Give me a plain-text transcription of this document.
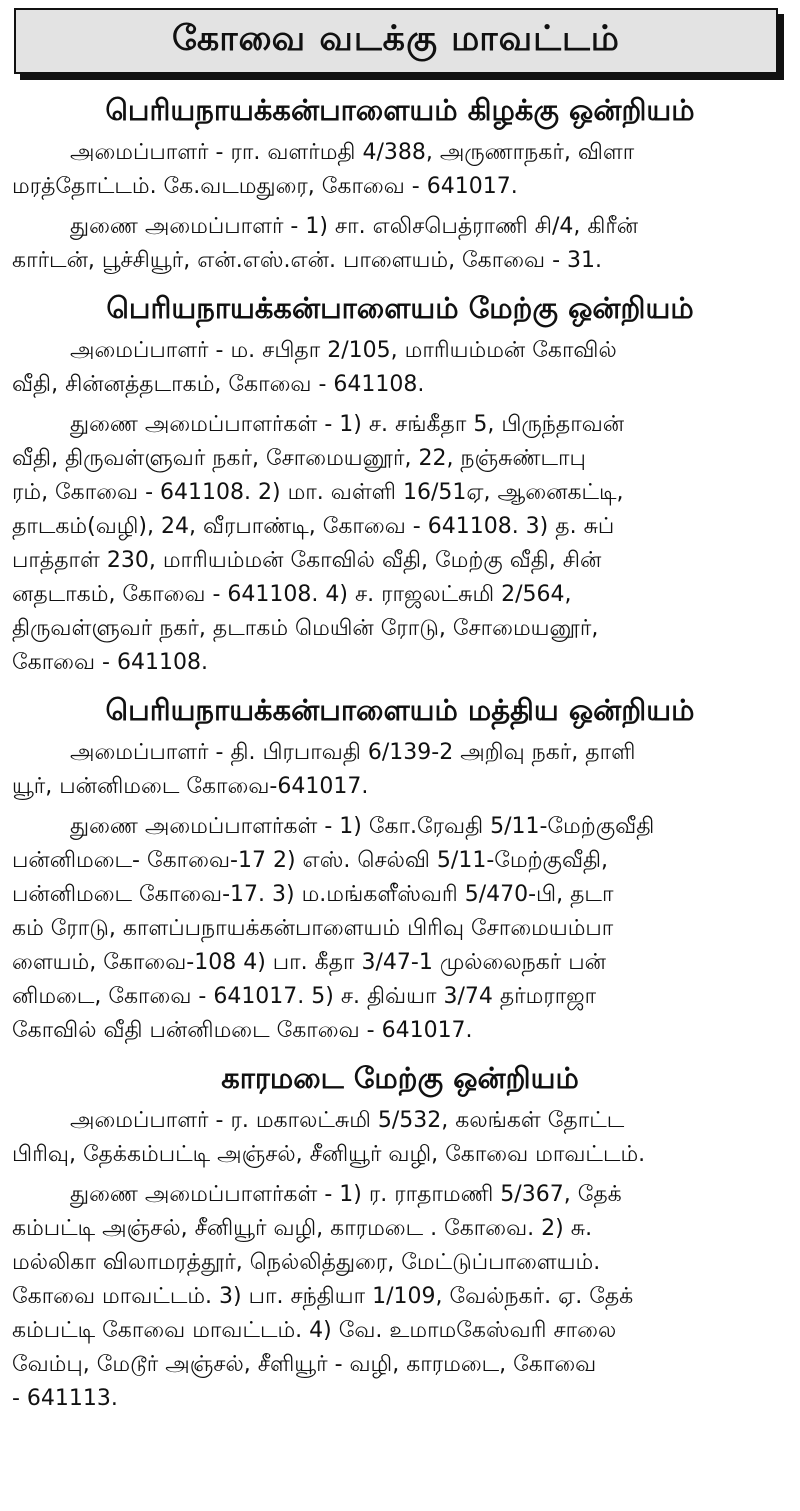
கோவை வடக்கு மாவட்டம்
பெரியநாயக்கன்பாளையம் கிழக்கு ஒன்றியம்

அமைப்பாளர் - ரா. வளர்மதி 4/388, அருணாநகர், விளா
மரத்தோட்டம். கே.வடமதுரை, கோவை - 641017.

துணை அமைப்பாளர் - 1) சா. எலிசபெத்ராணி சி/4, கிரீன்
கார்டன், பூச்சியூர், என்.எஸ்.என். பாளையம், கோவை - 31.

பெரியநாயக்கன்பாளையம் மேற்கு ஒன்றியம்

அமைப்பாளர் - ம. சபிதா 2/105, மாரியம்மன் கோவில்
வீதி, சின்னத்தடாகம், கோவை - 641108.

துணை அமைப்பாளர்கள் - 1) ச. சங்கீதா 5, பிருந்தாவன்
வீதி, திருவள்ளுவர் நகர், சோமையனூர், 22, நஞ்சுண்டாபு
ரம், கோவை - 641108. 2) மா. வள்ளி 16/51ஏ, ஆனைகட்டி,
தாடகம்(வழி), 24, வீரபாண்டி, கோவை - 641108. 3) த. சுப்
பாத்தாள் 230, மாரியம்மன் கோவில் வீதி, மேற்கு வீதி, சின்
னதடாகம், கோவை - 641108. 4) ச. ராஜலட்சுமி 2/564,
திருவள்ளுவர் நகர், தடாகம் மெயின் ரோடு, சோமையனூர்,
கோவை - 641108.

பெரியநாயக்கன்பாளையம் மத்திய ஒன்றியம்

அமைப்பாளர் - தி. பிரபாவதி 6/139-2 அறிவு நகர், தாளி
யூர், பன்னிமடை கோவை-641017.

துணை அமைப்பாளர்கள் - 1) கோ.ரேவதி 5/11-மேற்குவீதி
பன்னிமடை- கோவை-17 2) எஸ். செல்வி 5/11-மேற்குவீதி,
பன்னிமடை கோவை-17. 3) ம.மங்களீஸ்வரி 5/470-பி, தடா
கம் ரோடு, காளப்பநாயக்கன்பாளையம் பிரிவு சோமையம்பா
ளையம், கோவை-108 4) பா. கீதா 3/47-1 முல்லைநகர் பன்
னிமடை, கோவை - 641017. 5) ச. திவ்யா 3/74 தர்மராஜா
கோவில் வீதி பன்னிமடை கோவை - 641017.

காரமடை மேற்கு ஒன்றியம்

அமைப்பாளர் - ர. மகாலட்சுமி 5/532, கலங்கள் தோட்ட
பிரிவு, தேக்கம்பட்டி அஞ்சல், சீனியூர் வழி, கோவை மாவட்டம்.

துணை அமைப்பாளர்கள் - 1) ர. ராதாமணி 5/367, தேக்
கம்பட்டி அஞ்சல், சீனியூர் வழி, காரமடை . கோவை. 2) சு.
மல்லிகா விலாமரத்தூர், நெல்லித்துரை, மேட்டுப்பாளையம்.
கோவை மாவட்டம். 3) பா. சந்தியா 1/109, வேல்நகர். ஏ. தேக்
கம்பட்டி கோவை மாவட்டம். 4) வே. உமாமகேஸ்வரி சாலை
வேம்பு, மேடூர் அஞ்சல், சீளியூர் - வழி, காரமடை, கோவை
- 641113.
